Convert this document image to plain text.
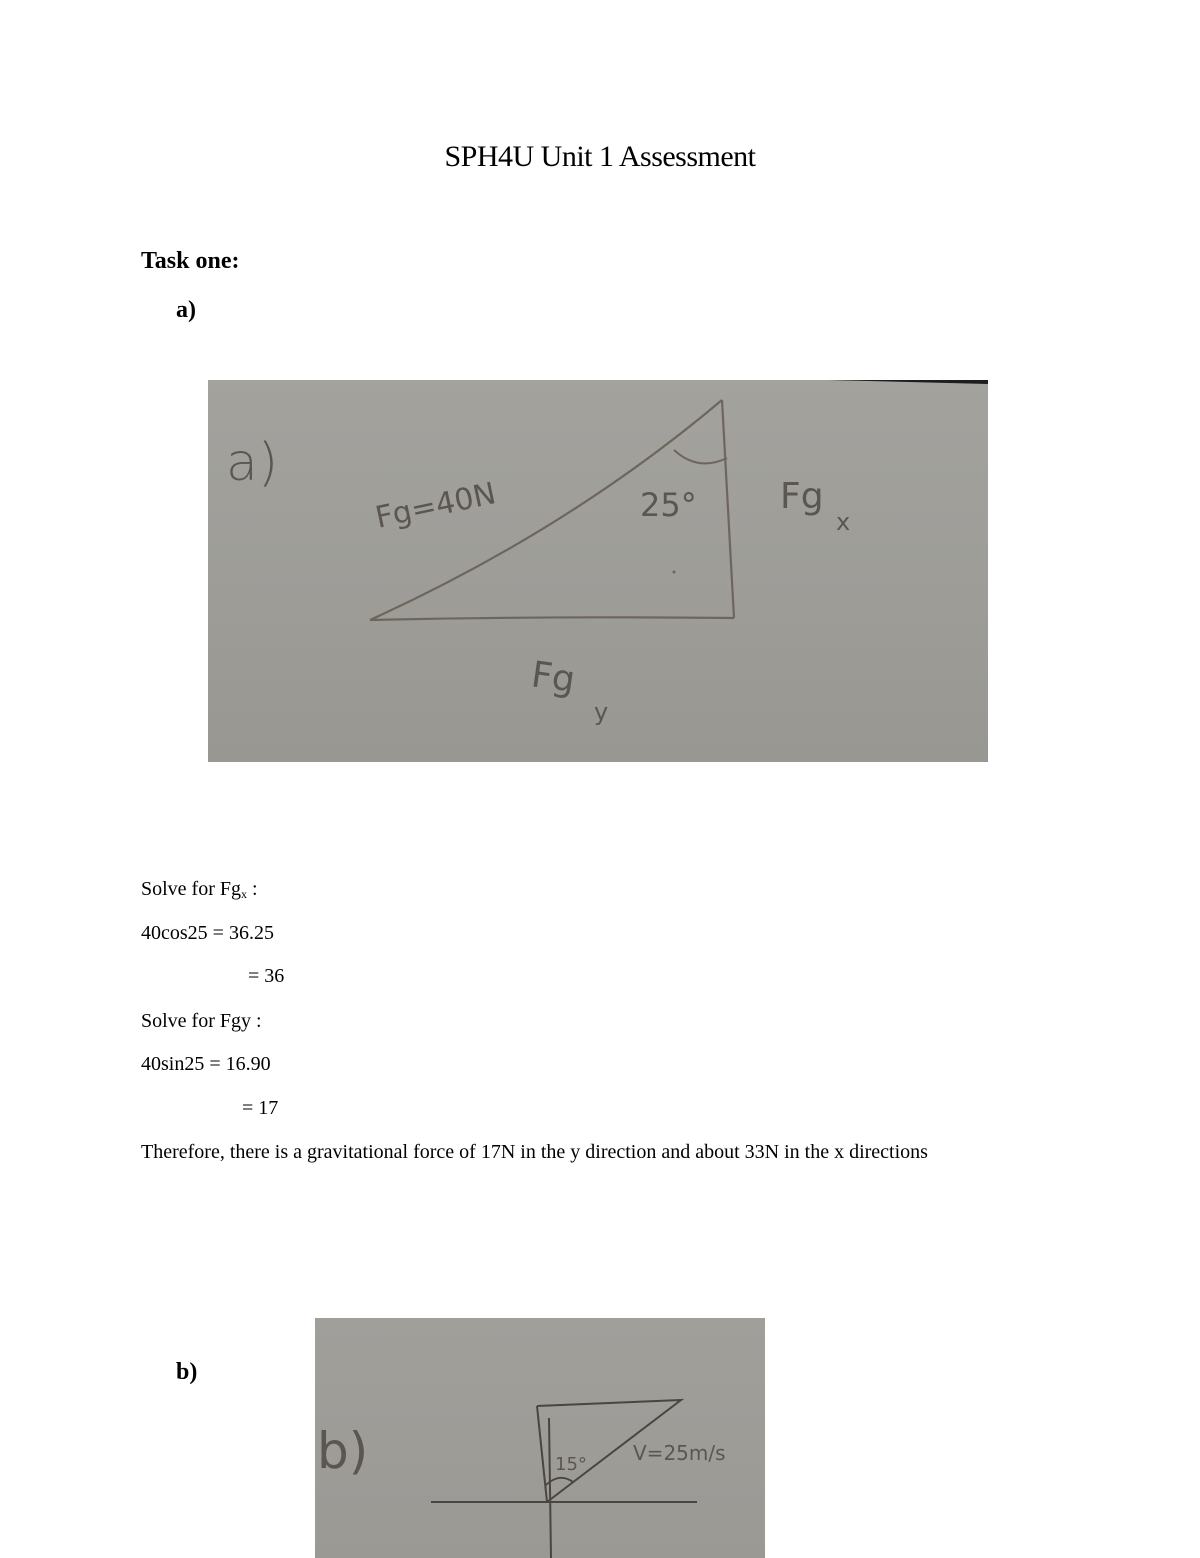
SPH4U Unit 1 Assessment
Task one:
a)
a)
Fg=40N	25° Fg
x
Fg
y
Solve for $Fg_x$ :
40cos25 = 36.25
= 36
Solve for Fgy :
40sin25 = 16.90
= 17
Therefore, there is a gravitational force of 17N in the y direction and about 33N in the x directions
b)
b)	15° V=25m/s
